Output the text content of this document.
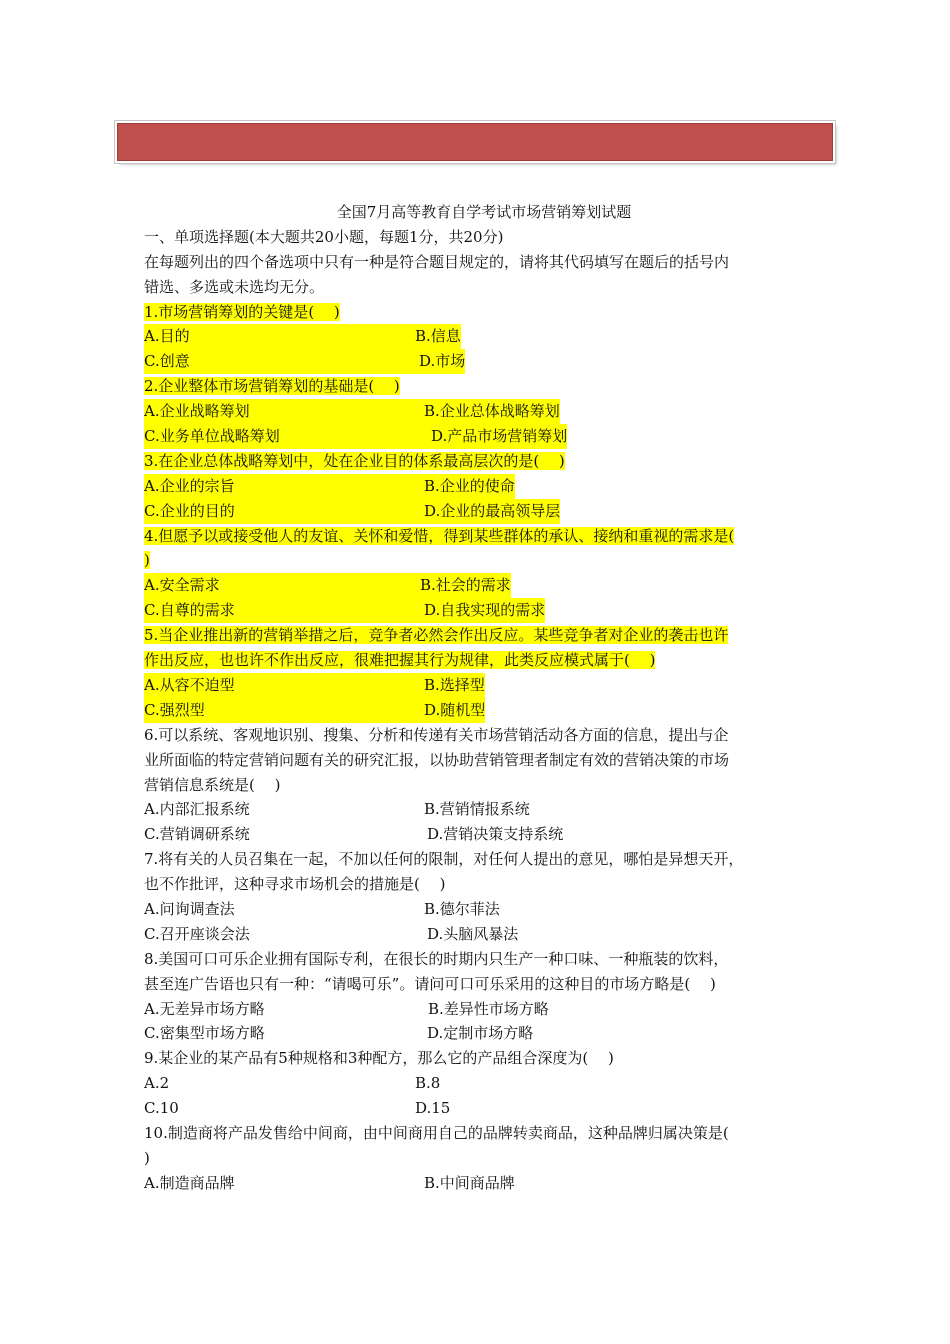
全国7月高等教育自学考试市场营销筹划试题
一、单项选择题(本大题共20小题，每题1分，共20分)
在每题列出的四个备选项中只有一种是符合题目规定的，请将其代码填写在题后的括号内
错选、多选或未选均无分。
1.市场营销筹划的关键是(　 )
A.目的	B.信息
C.创意	D.市场
2.企业整体市场营销筹划的基础是(　 )
A.企业战略筹划	B.企业总体战略筹划
C.业务单位战略筹划	D.产品市场营销筹划
3.在企业总体战略筹划中，处在企业目的体系最高层次的是(　 )
A.企业的宗旨	B.企业的使命
C.企业的目的	D.企业的最高领导层
4.但愿予以或接受他人的友谊、关怀和爱惜，得到某些群体的承认、接纳和重视的需求是(
)
A.安全需求	B.社会的需求
C.自尊的需求	D.自我实现的需求
5.当企业推出新的营销举措之后，竞争者必然会作出反应。某些竞争者对企业的袭击也许
作出反应，也也许不作出反应，很难把握其行为规律，此类反应模式属于(　 )
A.从容不迫型	B.选择型
C.强烈型	D.随机型
6.可以系统、客观地识别、搜集、分析和传递有关市场营销活动各方面的信息，提出与企
业所面临的特定营销问题有关的研究汇报，以协助营销管理者制定有效的营销决策的市场
营销信息系统是(　 )
A.内部汇报系统	B.营销情报系统
C.营销调研系统	D.营销决策支持系统
7.将有关的人员召集在一起，不加以任何的限制，对任何人提出的意见，哪怕是异想天开，
也不作批评，这种寻求市场机会的措施是(　 )
A.问询调查法	B.德尔菲法
C.召开座谈会法	D.头脑风暴法
8.美国可口可乐企业拥有国际专利，在很长的时期内只生产一种口味、一种瓶装的饮料，
甚至连广告语也只有一种：“请喝可乐”。请问可口可乐采用的这种目的市场方略是(　 )
A.无差异市场方略	B.差异性市场方略
C.密集型市场方略	D.定制市场方略
9.某企业的某产品有5种规格和3种配方，那么它的产品组合深度为(　 )
A.2	B.8
C.10	D.15
10.制造商将产品发售给中间商，由中间商用自己的品牌转卖商品，这种品牌归属决策是(
)
A.制造商品牌	B.中间商品牌
